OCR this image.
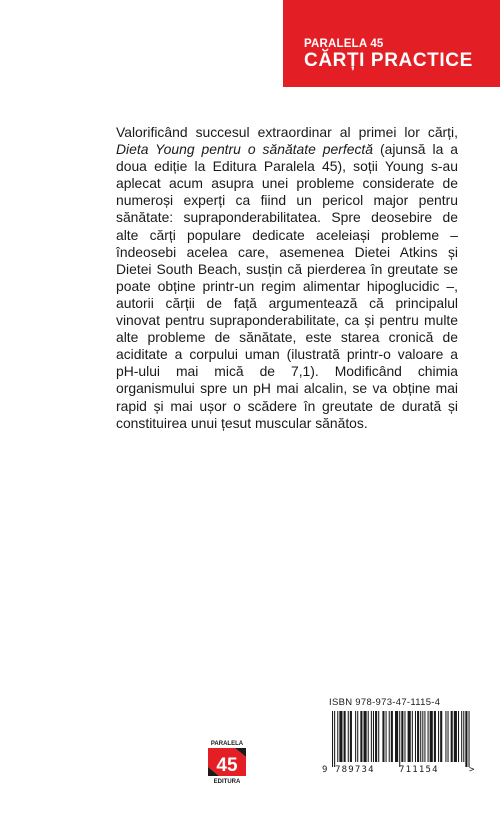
PARALELA 45
CĂRȚI PRACTICE

Valorificând succesul extraordinar al primei lor cărți, Dieta Young pentru o sănătate perfectă (ajunsă la a doua ediție la Editura Paralela 45), soții Young s-au aplecat acum asupra unei probleme considerate de numeroși experți ca fiind un pericol major pentru sănătate: supraponderabilitatea. Spre deosebire de alte cărți populare dedicate aceleiași probleme – îndeosebi acelea care, asemenea Dietei Atkins și Dietei South Beach, susțin că pierderea în greutate se poate obține printr-un regim alimentar hipoglucidic –, autorii cărții de față argumentează că principalul vinovat pentru supraponderabilitate, ca și pentru multe alte probleme de sănătate, este starea cronică de aciditate a corpului uman (ilustrată printr-o valoare a pH-ului mai mică de 7,1). Modificând chimia organismului spre un pH mai alcalin, se va obține mai rapid și mai ușor o scădere în greutate de durată și constituirea unui țesut muscular sănătos.

ISBN 978-973-47-1115-4
PARALELA
45
EDITURA
9 789734	711154	>
